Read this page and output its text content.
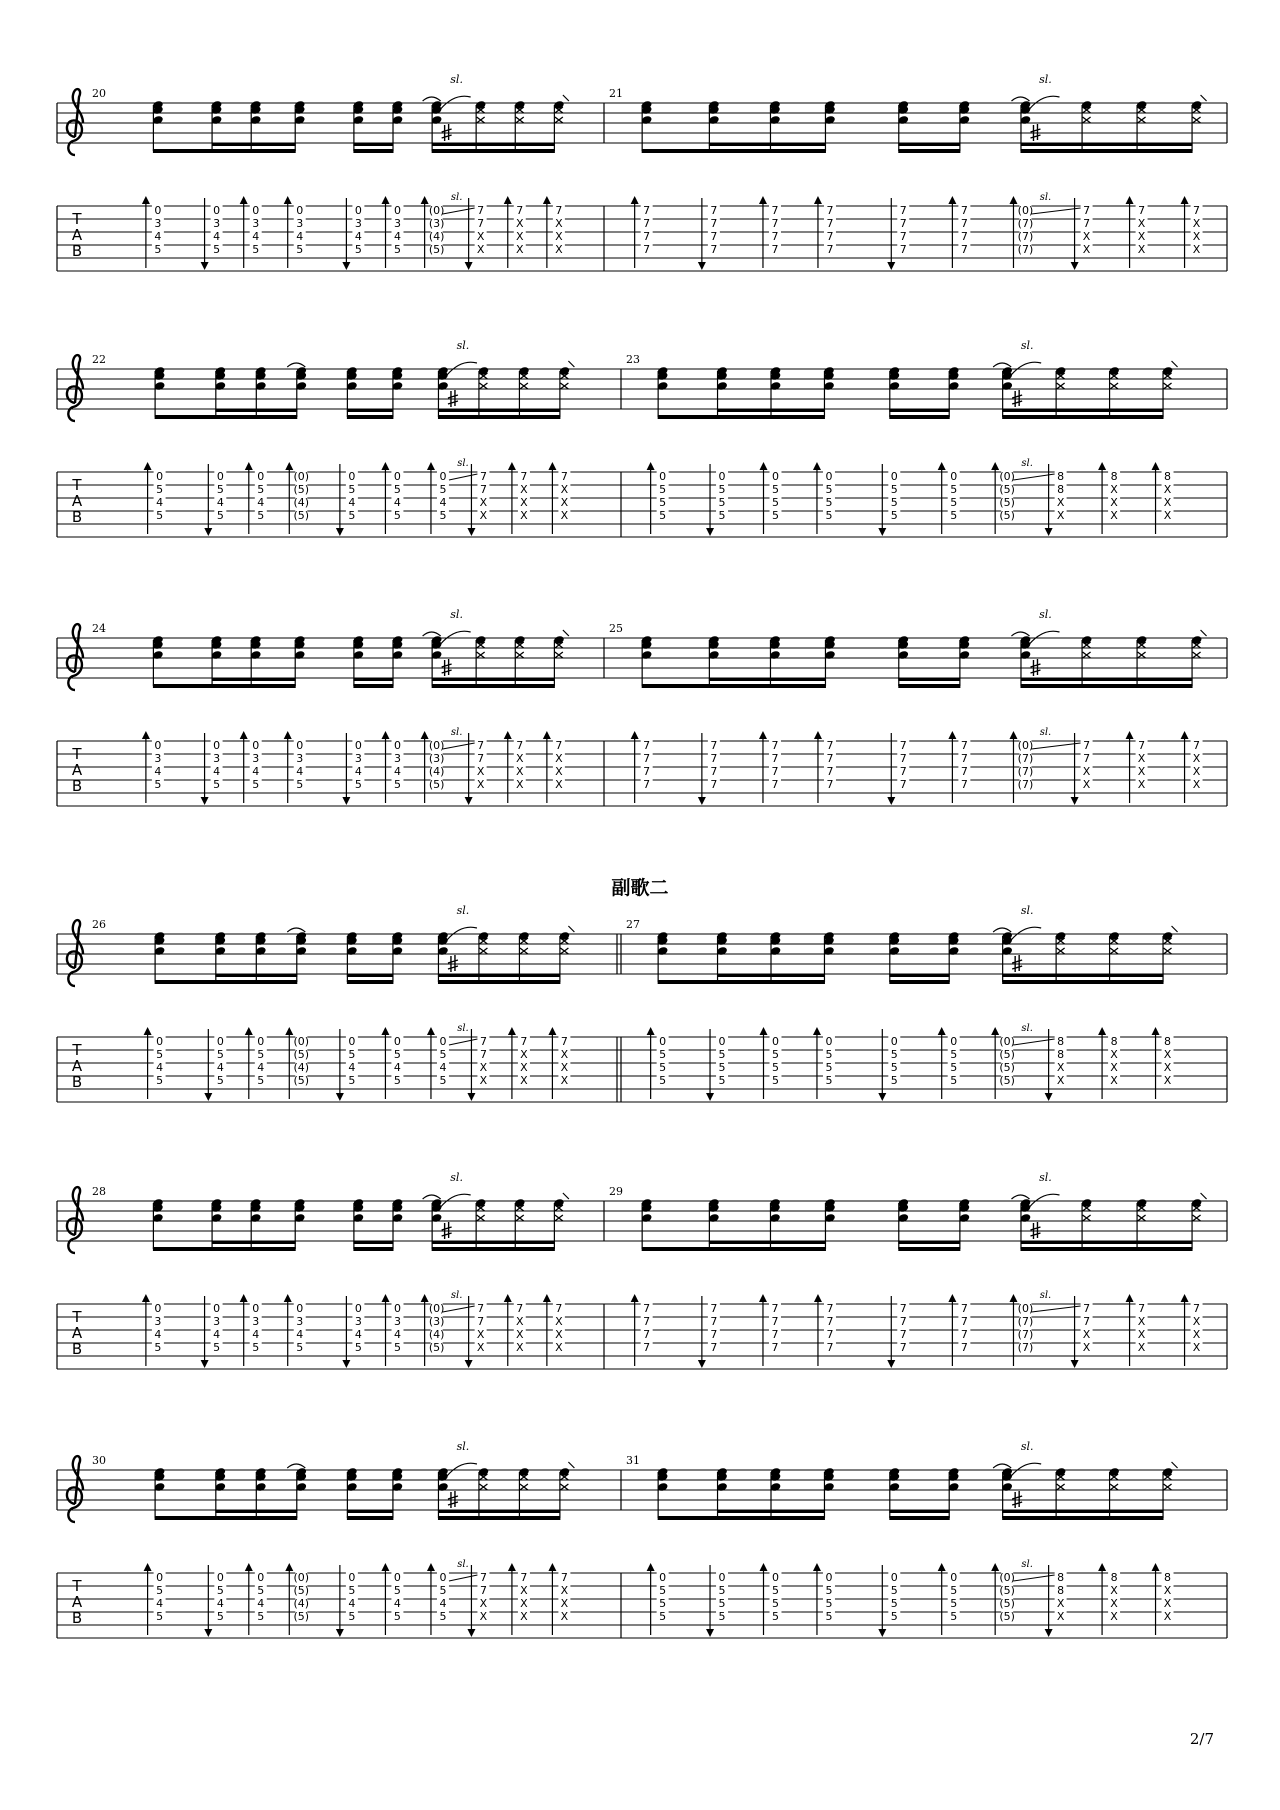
T
A
B
20
sl.
0
3
4
5
0
3
4
5
0
3
4
5
0
3
4
5
0
3
4
5
0
3
4
5
(0)
(3)
(4)
(5)
7
7
X
X
7
X
X
X
7
X
X
X
sl.
21
sl.
7
7
7
7
7
7
7
7
7
7
7
7
7
7
7
7
7
7
7
7
7
7
7
7
(0)
(7)
(7)
(7)
7
7
X
X
7
X
X
X
7
X
X
X
sl.
T
A
B
22
sl.
0
5
4
5
0
5
4
5
0
5
4
5
(0)
(5)
(4)
(5)
0
5
4
5
0
5
4
5
0
5
4
5
7
7
X
X
7
X
X
X
7
X
X
X
sl.
23
sl.
0
5
5
5
0
5
5
5
0
5
5
5
0
5
5
5
0
5
5
5
0
5
5
5
(0)
(5)
(5)
(5)
8
8
X
X
8
X
X
X
8
X
X
X
sl.
T
A
B
24
sl.
0
3
4
5
0
3
4
5
0
3
4
5
0
3
4
5
0
3
4
5
0
3
4
5
(0)
(3)
(4)
(5)
7
7
X
X
7
X
X
X
7
X
X
X
sl.
25
sl.
7
7
7
7
7
7
7
7
7
7
7
7
7
7
7
7
7
7
7
7
7
7
7
7
(0)
(7)
(7)
(7)
7
7
X
X
7
X
X
X
7
X
X
X
sl.
T
A
B
26
sl.
0
5
4
5
0
5
4
5
0
5
4
5
(0)
(5)
(4)
(5)
0
5
4
5
0
5
4
5
0
5
4
5
7
7
X
X
7
X
X
X
7
X
X
X
sl.
27
sl.
0
5
5
5
0
5
5
5
0
5
5
5
0
5
5
5
0
5
5
5
0
5
5
5
(0)
(5)
(5)
(5)
8
8
X
X
8
X
X
X
8
X
X
X
sl.
T
A
B
28
sl.
0
3
4
5
0
3
4
5
0
3
4
5
0
3
4
5
0
3
4
5
0
3
4
5
(0)
(3)
(4)
(5)
7
7
X
X
7
X
X
X
7
X
X
X
sl.
29
sl.
7
7
7
7
7
7
7
7
7
7
7
7
7
7
7
7
7
7
7
7
7
7
7
7
(0)
(7)
(7)
(7)
7
7
X
X
7
X
X
X
7
X
X
X
sl.
T
A
B
30
sl.
0
5
4
5
0
5
4
5
0
5
4
5
(0)
(5)
(4)
(5)
0
5
4
5
0
5
4
5
0
5
4
5
7
7
X
X
7
X
X
X
7
X
X
X
sl.
31
sl.
0
5
5
5
0
5
5
5
0
5
5
5
0
5
5
5
0
5
5
5
0
5
5
5
(0)
(5)
(5)
(5)
8
8
X
X
8
X
X
X
8
X
X
X
sl.
副歌二
2/7
